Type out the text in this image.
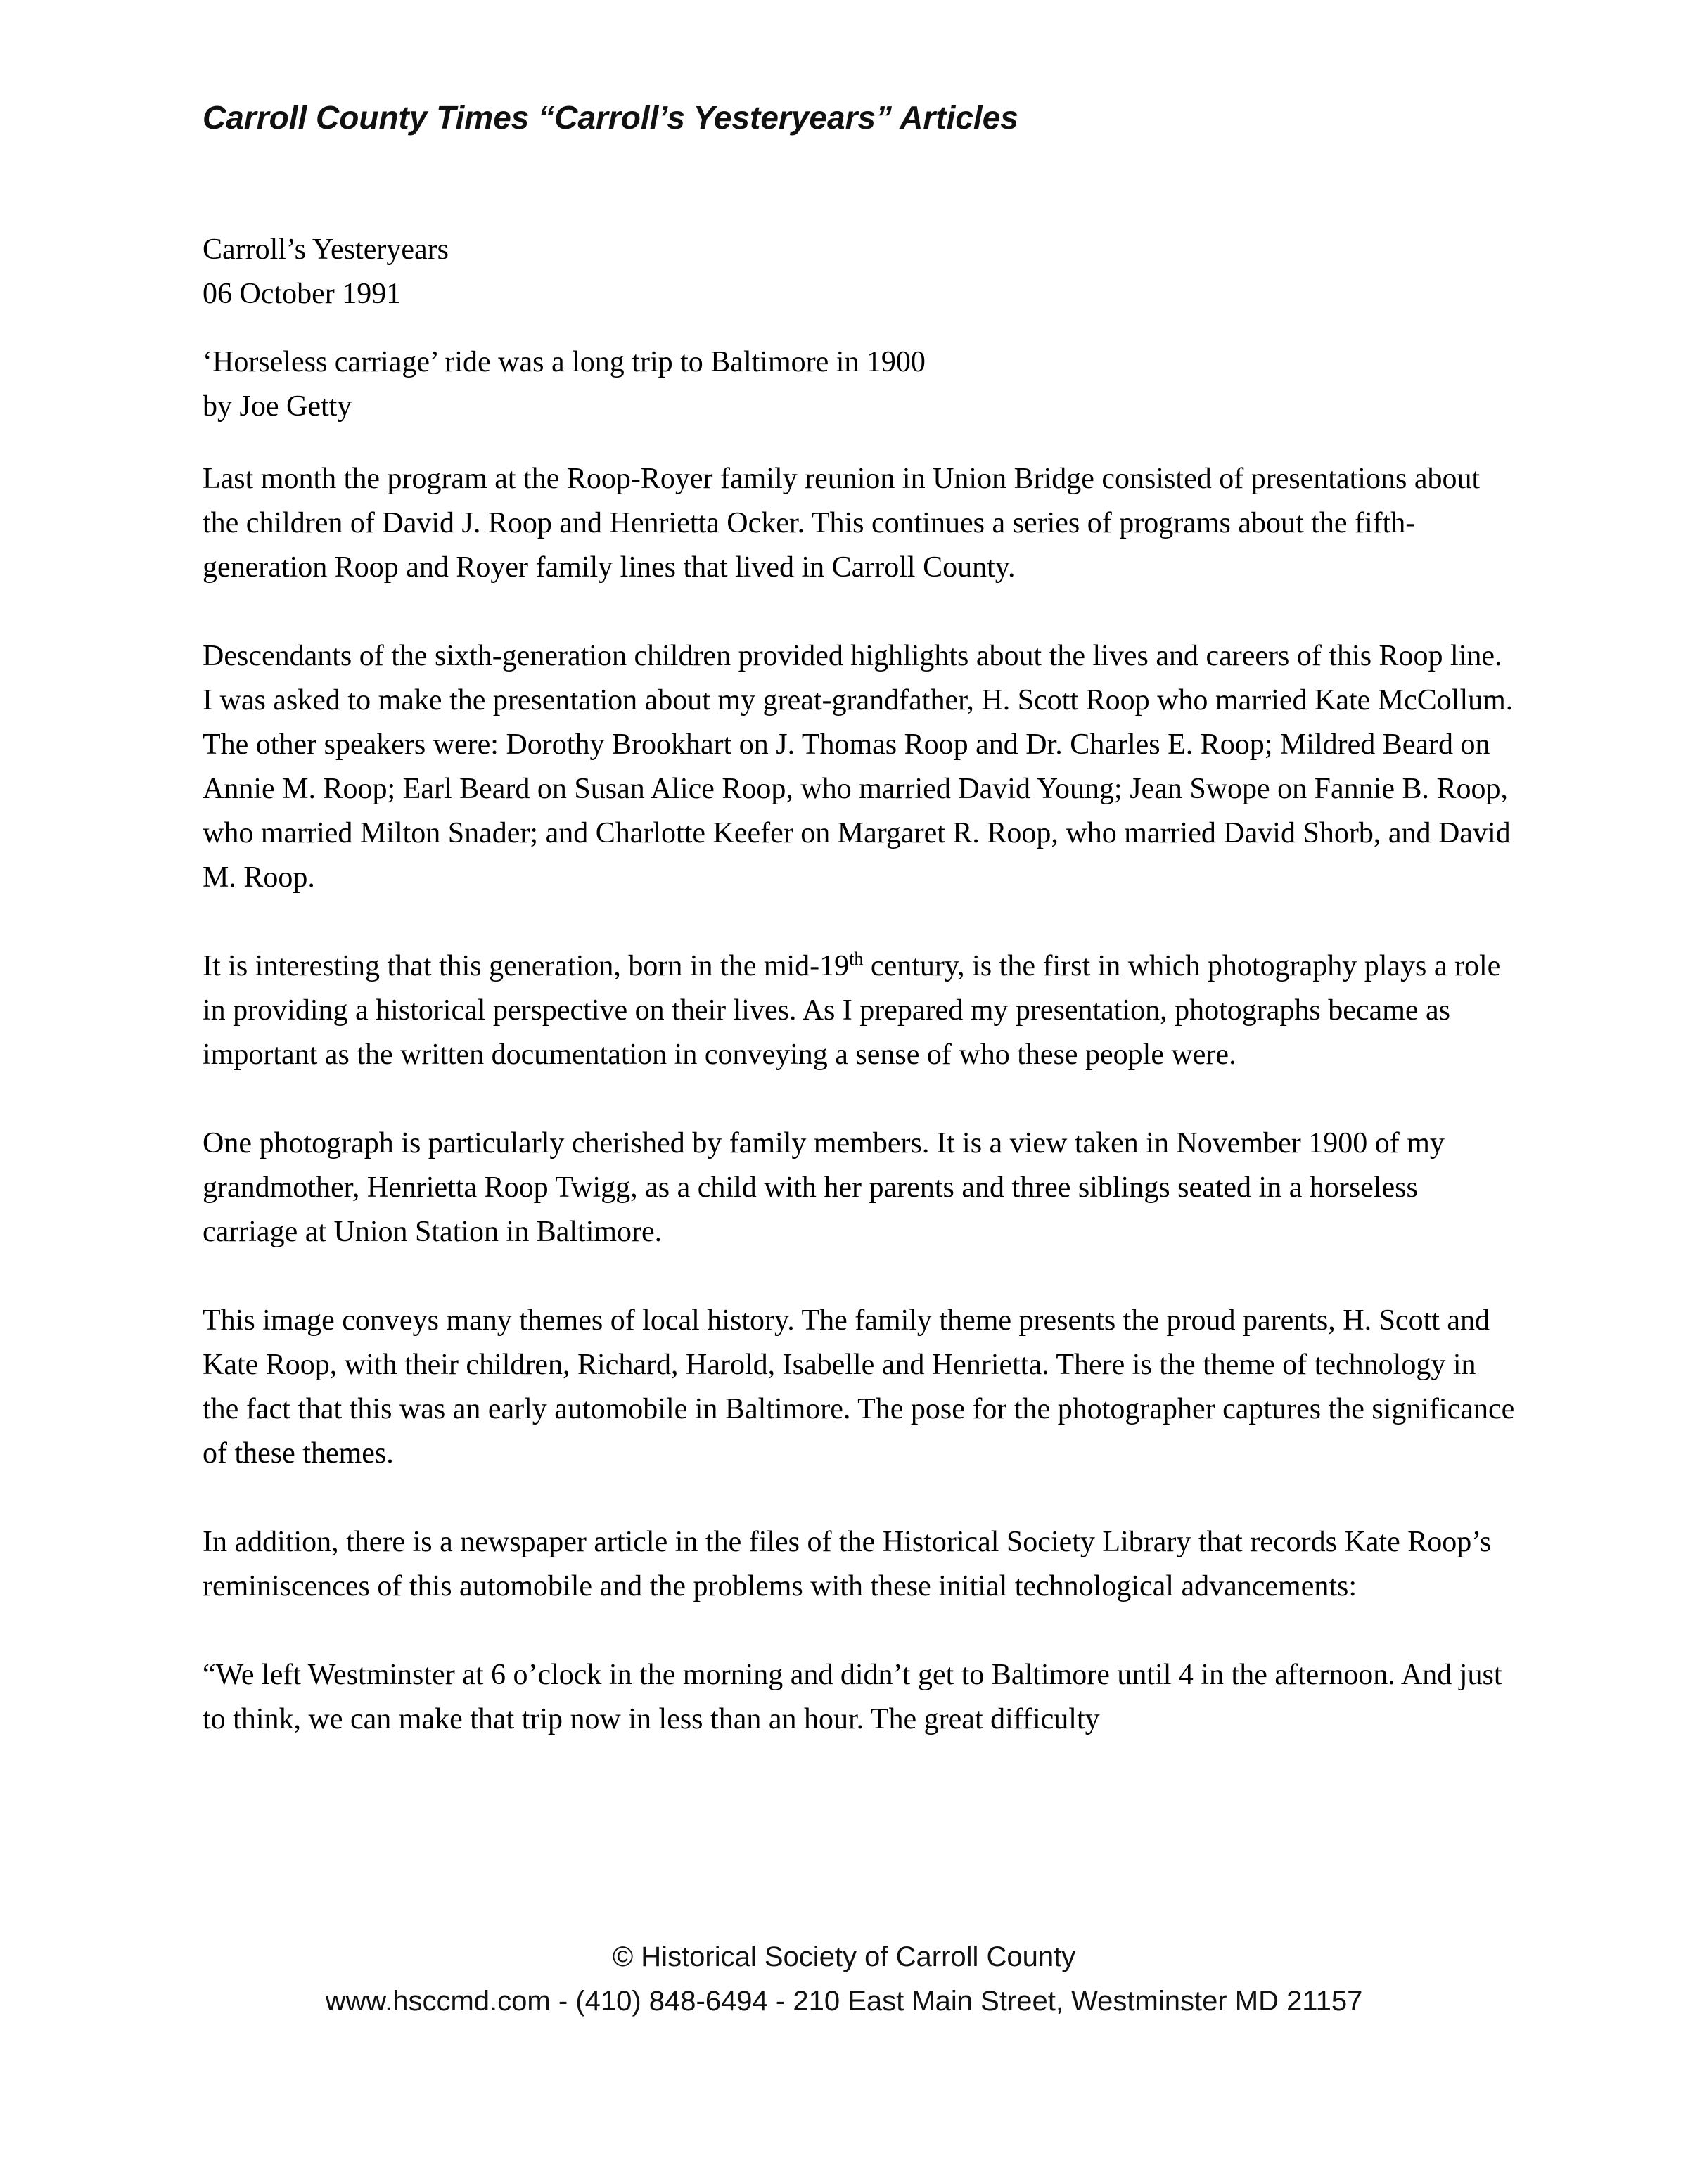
Carroll County Times “Carroll’s Yesteryears” Articles
Carroll’s Yesteryears
06 October 1991
‘Horseless carriage’ ride was a long trip to Baltimore in 1900
by Joe Getty

Last month the program at the Roop-Royer family reunion in Union Bridge consisted of presentations about the children of David J. Roop and Henrietta Ocker. This continues a series of programs about the fifth-generation Roop and Royer family lines that lived in Carroll County.

Descendants of the sixth-generation children provided highlights about the lives and careers of this Roop line. I was asked to make the presentation about my great-grandfather, H. Scott Roop who married Kate McCollum. The other speakers were: Dorothy Brookhart on J. Thomas Roop and Dr. Charles E. Roop; Mildred Beard on Annie M. Roop; Earl Beard on Susan Alice Roop, who married David Young; Jean Swope on Fannie B. Roop, who married Milton Snader; and Charlotte Keefer on Margaret R. Roop, who married David Shorb, and David M. Roop.

It is interesting that this generation, born in the mid-19th century, is the first in which photography plays a role in providing a historical perspective on their lives. As I prepared my presentation, photographs became as important as the written documentation in conveying a sense of who these people were.

One photograph is particularly cherished by family members. It is a view taken in November 1900 of my grandmother, Henrietta Roop Twigg, as a child with her parents and three siblings seated in a horseless carriage at Union Station in Baltimore.

This image conveys many themes of local history. The family theme presents the proud parents, H. Scott and Kate Roop, with their children, Richard, Harold, Isabelle and Henrietta. There is the theme of technology in the fact that this was an early automobile in Baltimore. The pose for the photographer captures the significance of these themes.

In addition, there is a newspaper article in the files of the Historical Society Library that records Kate Roop’s reminiscences of this automobile and the problems with these initial technological advancements:

“We left Westminster at 6 o’clock in the morning and didn’t get to Baltimore until 4 in the afternoon. And just to think, we can make that trip now in less than an hour. The great difficulty

© Historical Society of Carroll County
www.hsccmd.com - (410) 848-6494 - 210 East Main Street, Westminster MD 21157
